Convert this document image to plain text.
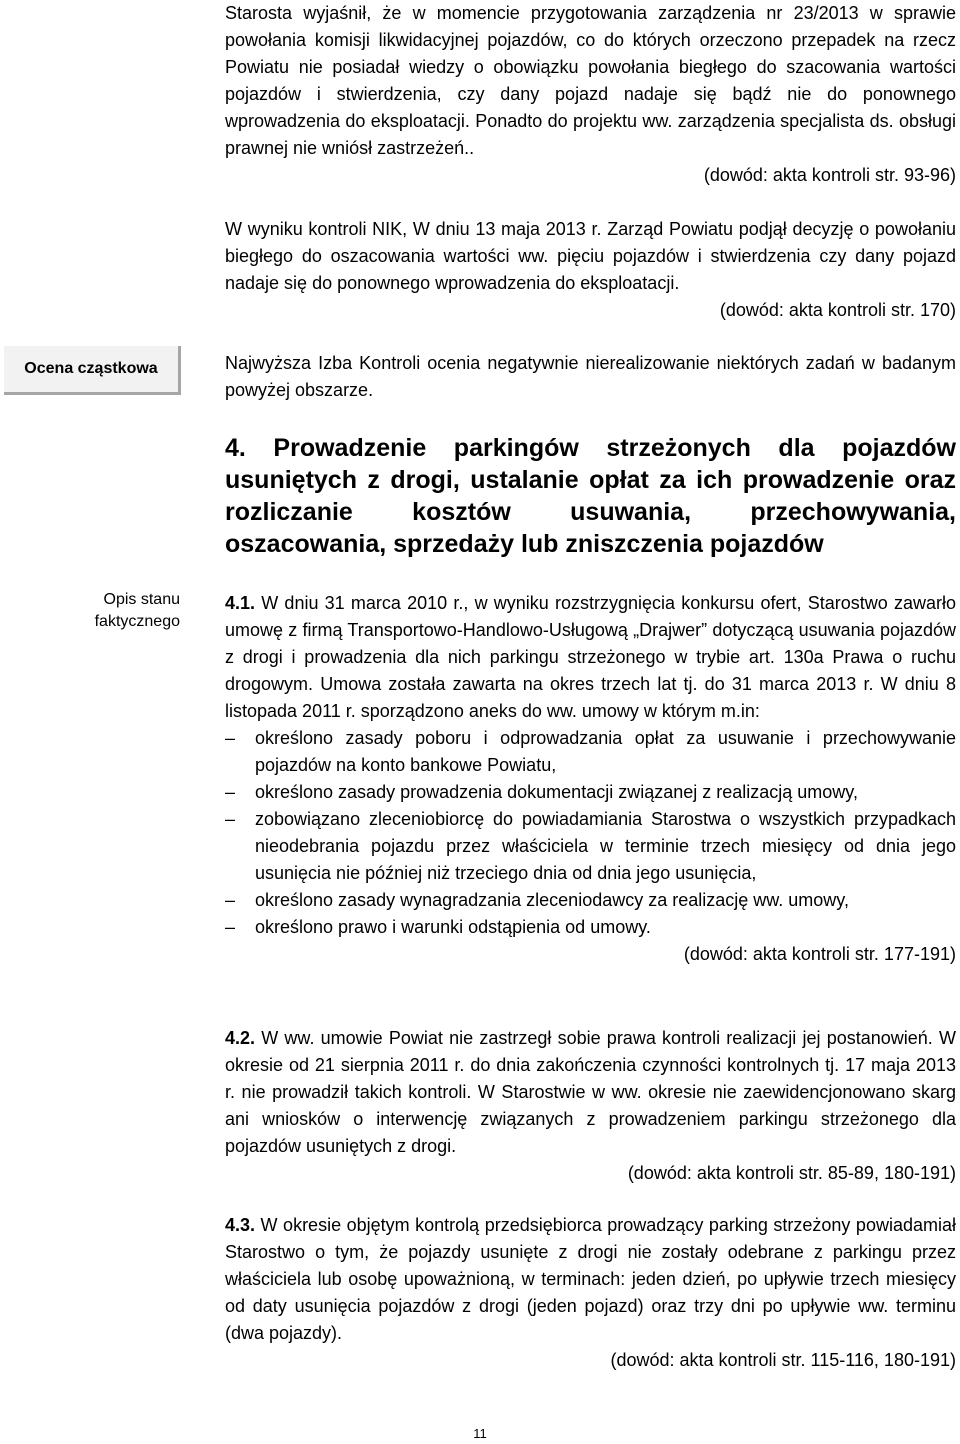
Starosta wyjaśnił, że w momencie przygotowania zarządzenia nr 23/2013 w sprawie powołania komisji likwidacyjnej pojazdów, co do których orzeczono przepadek na rzecz Powiatu nie posiadał wiedzy o obowiązku powołania biegłego do szacowania wartości pojazdów i stwierdzenia, czy dany pojazd nadaje się bądź nie do ponownego wprowadzenia do eksploatacji. Ponadto do projektu ww. zarządzenia specjalista ds. obsługi prawnej nie wniósł zastrzeżeń..

(dowód: akta kontroli str. 93-96)

W wyniku kontroli NIK, W dniu 13 maja 2013 r. Zarząd Powiatu podjął decyzję o powołaniu biegłego do oszacowania wartości ww. pięciu pojazdów i stwierdzenia czy dany pojazd nadaje się do ponownego wprowadzenia do eksploatacji.

(dowód: akta kontroli str. 170)

Ocena cząstkowa	Najwyższa Izba Kontroli ocenia negatywnie nierealizowanie niektórych zadań w badanym powyżej obszarze.

4. Prowadzenie parkingów strzeżonych dla pojazdów usuniętych z drogi, ustalanie opłat za ich prowadzenie oraz rozliczanie kosztów usuwania, przechowywania, oszacowania, sprzedaży lub zniszczenia pojazdów

Opis stanu
faktycznego

4.1. W dniu 31 marca 2010 r., w wyniku rozstrzygnięcia konkursu ofert, Starostwo zawarło umowę z firmą Transportowo-Handlowo-Usługową „Drajwer” dotyczącą usuwania pojazdów z drogi i prowadzenia dla nich parkingu strzeżonego w trybie art. 130a Prawa o ruchu drogowym. Umowa została zawarta na okres trzech lat tj. do 31 marca 2013 r. W dniu 8 listopada 2011 r. sporządzono aneks do ww. umowy w którym m.in:

–	określono zasady poboru i odprowadzania opłat za usuwanie i przechowywanie pojazdów na konto bankowe Powiatu,
–	określono zasady prowadzenia dokumentacji związanej z realizacją umowy,
–	zobowiązano zleceniobiorcę do powiadamiania Starostwa o wszystkich przypadkach nieodebrania pojazdu przez właściciela w terminie trzech miesięcy od dnia jego usunięcia nie później niż trzeciego dnia od dnia jego usunięcia,
–	określono zasady wynagradzania zleceniodawcy za realizację ww. umowy,
–	określono prawo i warunki odstąpienia od umowy.

(dowód: akta kontroli str. 177-191)

4.2. W ww. umowie Powiat nie zastrzegł sobie prawa kontroli realizacji jej postanowień. W okresie od 21 sierpnia 2011 r. do dnia zakończenia czynności kontrolnych tj. 17 maja 2013 r. nie prowadził takich kontroli. W Starostwie w ww. okresie nie zaewidencjonowano skarg ani wniosków o interwencję związanych z prowadzeniem parkingu strzeżonego dla pojazdów usuniętych z drogi.

(dowód: akta kontroli str. 85-89, 180-191)

4.3. W okresie objętym kontrolą przedsiębiorca prowadzący parking strzeżony powiadamiał Starostwo o tym, że pojazdy usunięte z drogi nie zostały odebrane z parkingu przez właściciela lub osobę upoważnioną, w terminach: jeden dzień, po upływie trzech miesięcy od daty usunięcia pojazdów z drogi (jeden pojazd) oraz trzy dni po upływie ww. terminu (dwa pojazdy).

(dowód: akta kontroli str. 115-116, 180-191)

11
